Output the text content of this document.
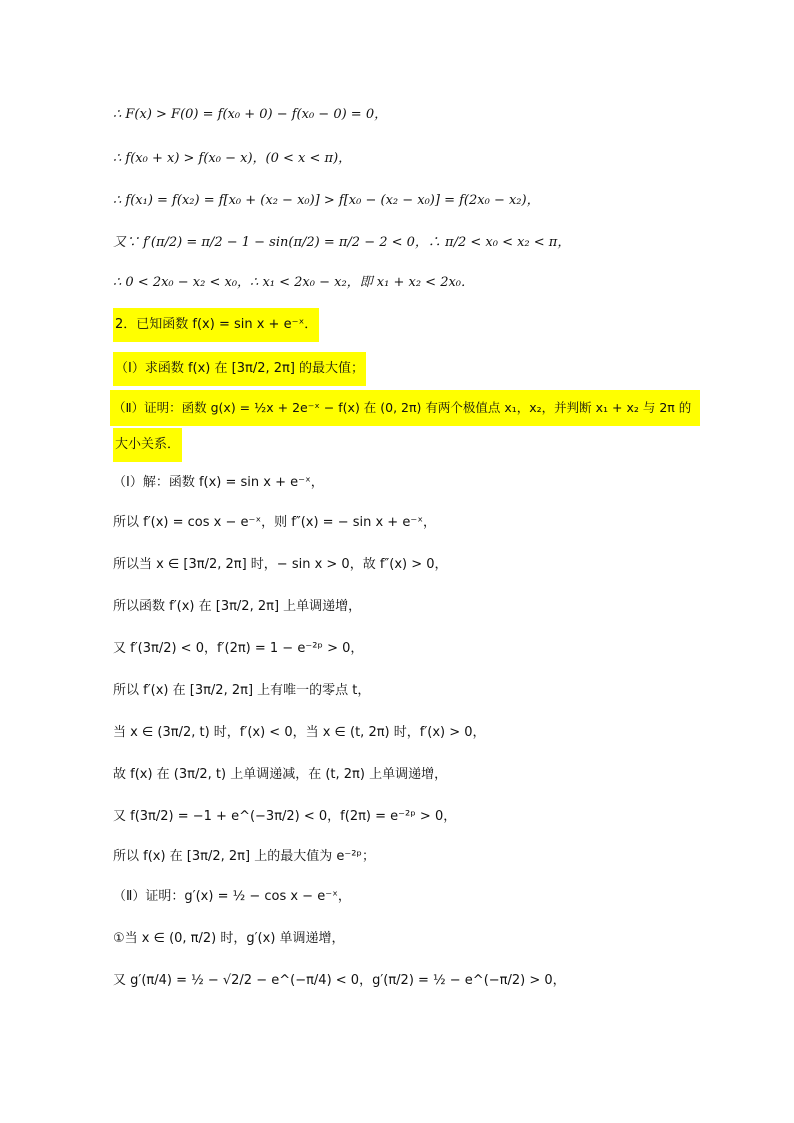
∴ F(x) > F(0) = f(x₀ + 0) − f(x₀ − 0) = 0，
∴ f(x₀ + x) > f(x₀ − x)，(0 < x < π)，
∴ f(x₁) = f(x₂) = f[x₀ + (x₂ − x₀)] > f[x₀ − (x₂ − x₀)] = f(2x₀ − x₂)，
又∵ f′(π/2) = π/2 − 1 − sin(π/2) = π/2 − 2 < 0，∴ π/2 < x₀ < x₂ < π，
∴ 0 < 2x₀ − x₂ < x₀，∴ x₁ < 2x₀ − x₂，即 x₁ + x₂ < 2x₀．
2．已知函数 f(x) = sin x + e⁻ˣ．
（Ⅰ）求函数 f(x) 在 [3π/2, 2π] 的最大值；
（Ⅱ）证明：函数 g(x) = ½x + 2e⁻ˣ − f(x) 在 (0, 2π) 有两个极值点 x₁，x₂，并判断 x₁ + x₂ 与 2π 的
大小关系．
（Ⅰ）解：函数 f(x) = sin x + e⁻ˣ，
所以 f′(x) = cos x − e⁻ˣ，则 f″(x) = − sin x + e⁻ˣ，
所以当 x ∈ [3π/2, 2π] 时，− sin x > 0，故 f″(x) > 0，
所以函数 f′(x) 在 [3π/2, 2π] 上单调递增，
又 f′(3π/2) < 0，f′(2π) = 1 − e⁻²ᵖ > 0，
所以 f′(x) 在 [3π/2, 2π] 上有唯一的零点 t，
当 x ∈ (3π/2, t) 时，f′(x) < 0，当 x ∈ (t, 2π) 时，f′(x) > 0，
故 f(x) 在 (3π/2, t) 上单调递减，在 (t, 2π) 上单调递增，
又 f(3π/2) = −1 + e^(−3π/2) < 0，f(2π) = e⁻²ᵖ > 0，
所以 f(x) 在 [3π/2, 2π] 上的最大值为 e⁻²ᵖ；
（Ⅱ）证明：g′(x) = ½ − cos x − e⁻ˣ，
①当 x ∈ (0, π/2) 时，g′(x) 单调递增，
又 g′(π/4) = ½ − √2/2 − e^(−π/4) < 0，g′(π/2) = ½ − e^(−π/2) > 0，
